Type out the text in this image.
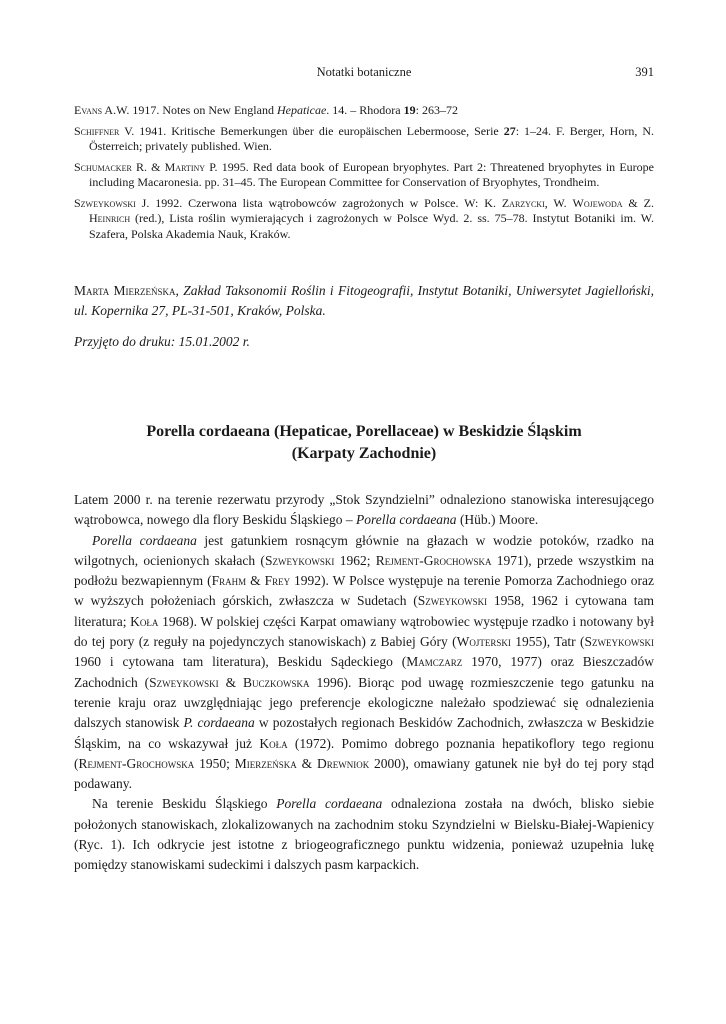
Notatki botaniczne	391

Evans A.W. 1917. Notes on New England Hepaticae. 14. – Rhodora 19: 263–72

Schiffner V. 1941. Kritische Bemerkungen über die europäischen Lebermoose, Serie 27: 1–24. F. Berger, Horn, N. Österreich; privately published. Wien.

Schumacker R. & Martiny P. 1995. Red data book of European bryophytes. Part 2: Threatened bryophytes in Europe including Macaronesia. pp. 31–45. The European Committee for Conservation of Bryophytes, Trondheim.

Szweykowski J. 1992. Czerwona lista wątrobowców zagrożonych w Polsce. W: K. Zarzycki, W. Wojewoda & Z. Heinrich (red.), Lista roślin wymierających i zagrożonych w Polsce Wyd. 2. ss. 75–78. Instytut Botaniki im. W. Szafera, Polska Akademia Nauk, Kraków.

Marta Mierzeńska, Zakład Taksonomii Roślin i Fitogeografii, Instytut Botaniki, Uniwersytet Jagielloński, ul. Kopernika 27, PL-31-501, Kraków, Polska.

Przyjęto do druku: 15.01.2002 r.

Porella cordaeana (Hepaticae, Porellaceae) w Beskidzie Śląskim
(Karpaty Zachodnie)

Latem 2000 r. na terenie rezerwatu przyrody „Stok Szyndzielni” odnaleziono stanowiska interesującego wątrobowca, nowego dla flory Beskidu Śląskiego – Porella cordaeana (Hüb.) Moore.

Porella cordaeana jest gatunkiem rosnącym głównie na głazach w wodzie potoków, rzadko na wilgotnych, ocienionych skałach (Szweykowski 1962; Rejment-Grochowska 1971), przede wszystkim na podłożu bezwapiennym (Frahm & Frey 1992). W Polsce występuje na terenie Pomorza Zachodniego oraz w wyższych położeniach górskich, zwłaszcza w Sudetach (Szweykowski 1958, 1962 i cytowana tam literatura; Koła 1968). W polskiej części Karpat omawiany wątrobowiec występuje rzadko i notowany był do tej pory (z reguły na pojedynczych stanowiskach) z Babiej Góry (Wojterski 1955), Tatr (Szweykowski 1960 i cytowana tam literatura), Beskidu Sądeckiego (Mamczarz 1970, 1977) oraz Bieszczadów Zachodnich (Szweykowski & Buczkowska 1996). Biorąc pod uwagę rozmieszczenie tego gatunku na terenie kraju oraz uwzględniając jego preferencje ekologiczne należało spodziewać się odnalezienia dalszych stanowisk P. cordaeana w pozostałych regionach Beskidów Zachodnich, zwłaszcza w Beskidzie Śląskim, na co wskazywał już Koła (1972). Pomimo dobrego poznania hepatikoflory tego regionu (Rejment-Grochowska 1950; Mierzeńska & Drewniok 2000), omawiany gatunek nie był do tej pory stąd podawany.

Na terenie Beskidu Śląskiego Porella cordaeana odnaleziona została na dwóch, blisko siebie położonych stanowiskach, zlokalizowanych na zachodnim stoku Szyndzielni w Bielsku-Białej-Wapienicy (Ryc. 1). Ich odkrycie jest istotne z briogeograficznego punktu widzenia, ponieważ uzupełnia lukę pomiędzy stanowiskami sudeckimi i dalszych pasm karpackich.
